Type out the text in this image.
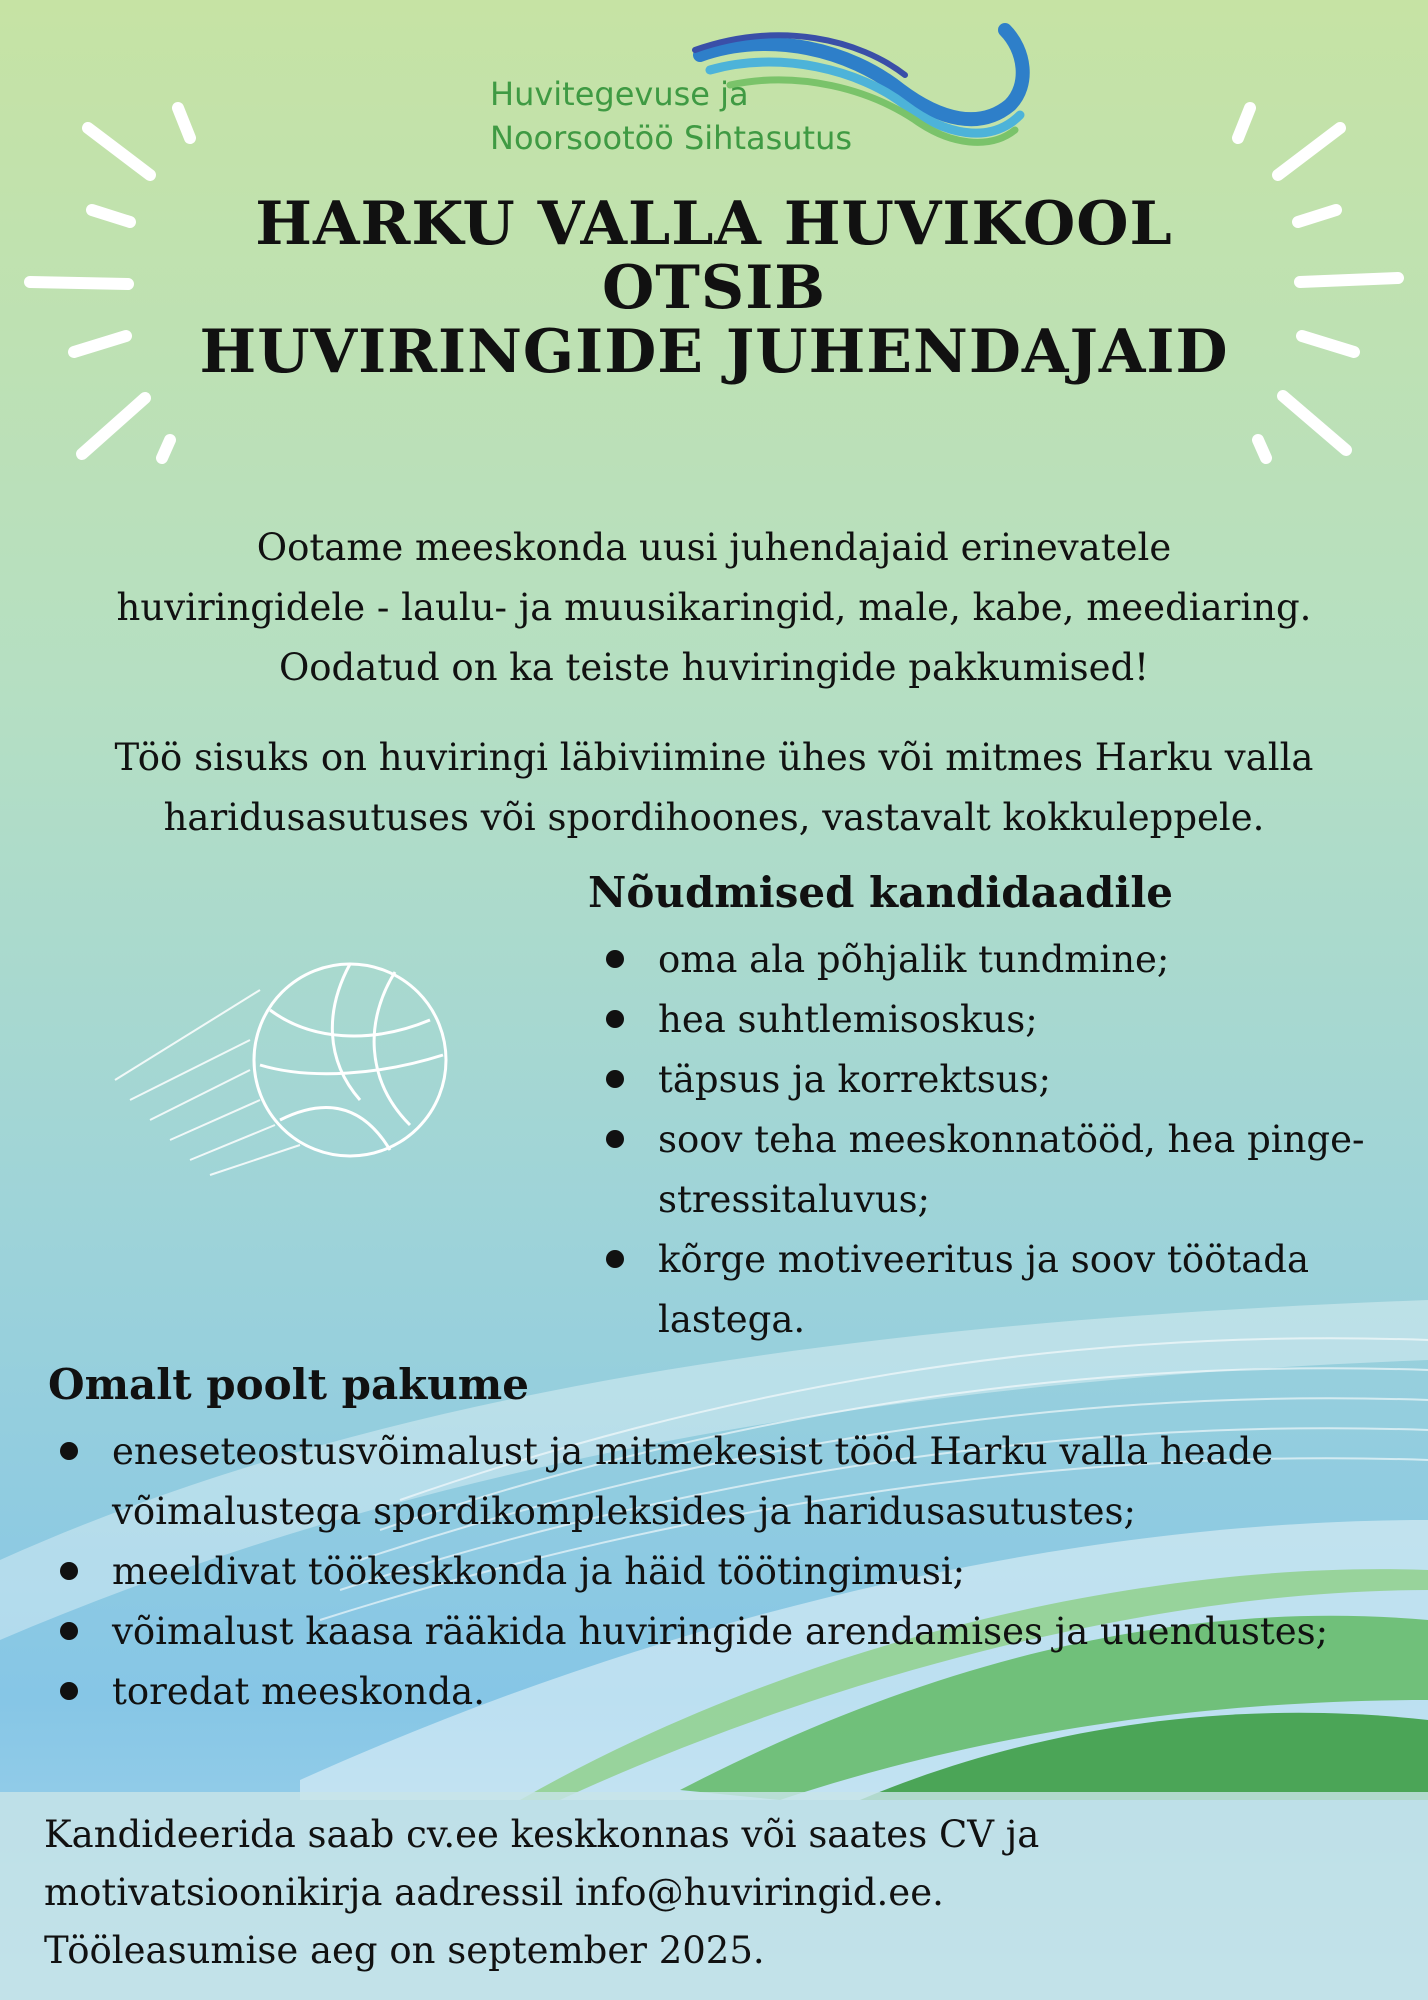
Huvitegevuse ja
Noorsootöö Sihtasutus
HARKU VALLA HUVIKOOL
OTSIB
HUVIRINGIDE JUHENDAJAID
Ootame meeskonda uusi juhendajaid erinevatele
huviringidele - laulu- ja muusikaringid, male, kabe, meediaring.
Oodatud on ka teiste huviringide pakkumised!
Töö sisuks on huviringi läbiviimine ühes või mitmes Harku valla
haridusasutuses või spordihoones, vastavalt kokkuleppele.
Nõudmised kandidaadile
oma ala põhjalik tundmine;
hea suhtlemisoskus;
täpsus ja korrektsus;
soov teha meeskonnatööd, hea pinge-stressitaluvus;
kõrge motiveeritus ja soov töötada lastega.
Omalt poolt pakume
eneseteostusvõimalust ja mitmekesist tööd Harku valla heade võimalustega spordikompleksides ja haridusasutustes;
meeldivat töökeskkonda ja häid töötingimusi;
võimalust kaasa rääkida huviringide arendamises ja uuendustes;
toredat meeskonda.
Kandideerida saab cv.ee keskkonnas või saates CV ja
motivatsioonikirja aadressil info@huviringid.ee.
Tööleasumise aeg on september 2025.
